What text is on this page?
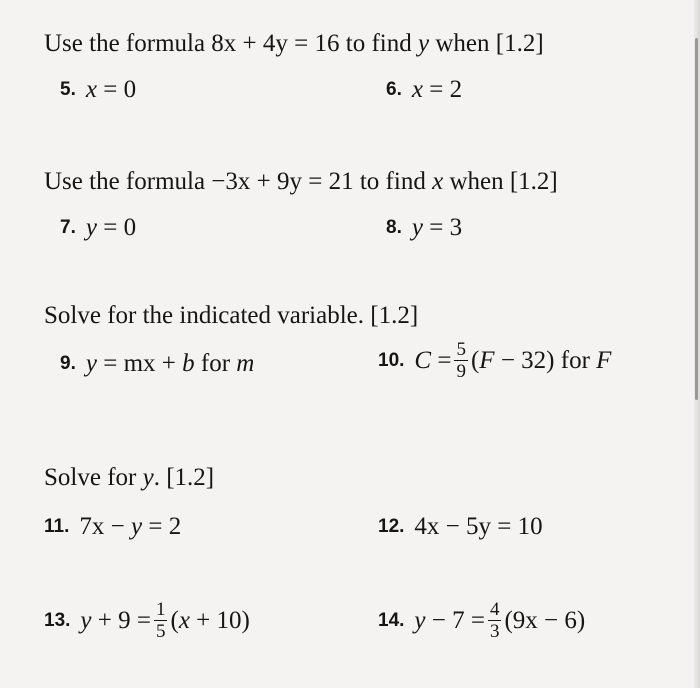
Use the formula 8x + 4y = 16 to find y when [1.2]
5. x = 0	6. x = 2
Use the formula −3x + 9y = 21 to find x when [1.2]
7. y = 0	8. y = 3
Solve for the indicated variable. [1.2]
9. y = mx + b for m	10. $C = \frac{5}{9} (F - 32)$ for F
Solve for y. [1.2]
11. 7x − y = 2	12. 4x − 5y = 10
13. $y + 9 = \frac{1}{5} (x + 10)$	14. $y - 7 = \frac{4}{3} (9x - 6)$
